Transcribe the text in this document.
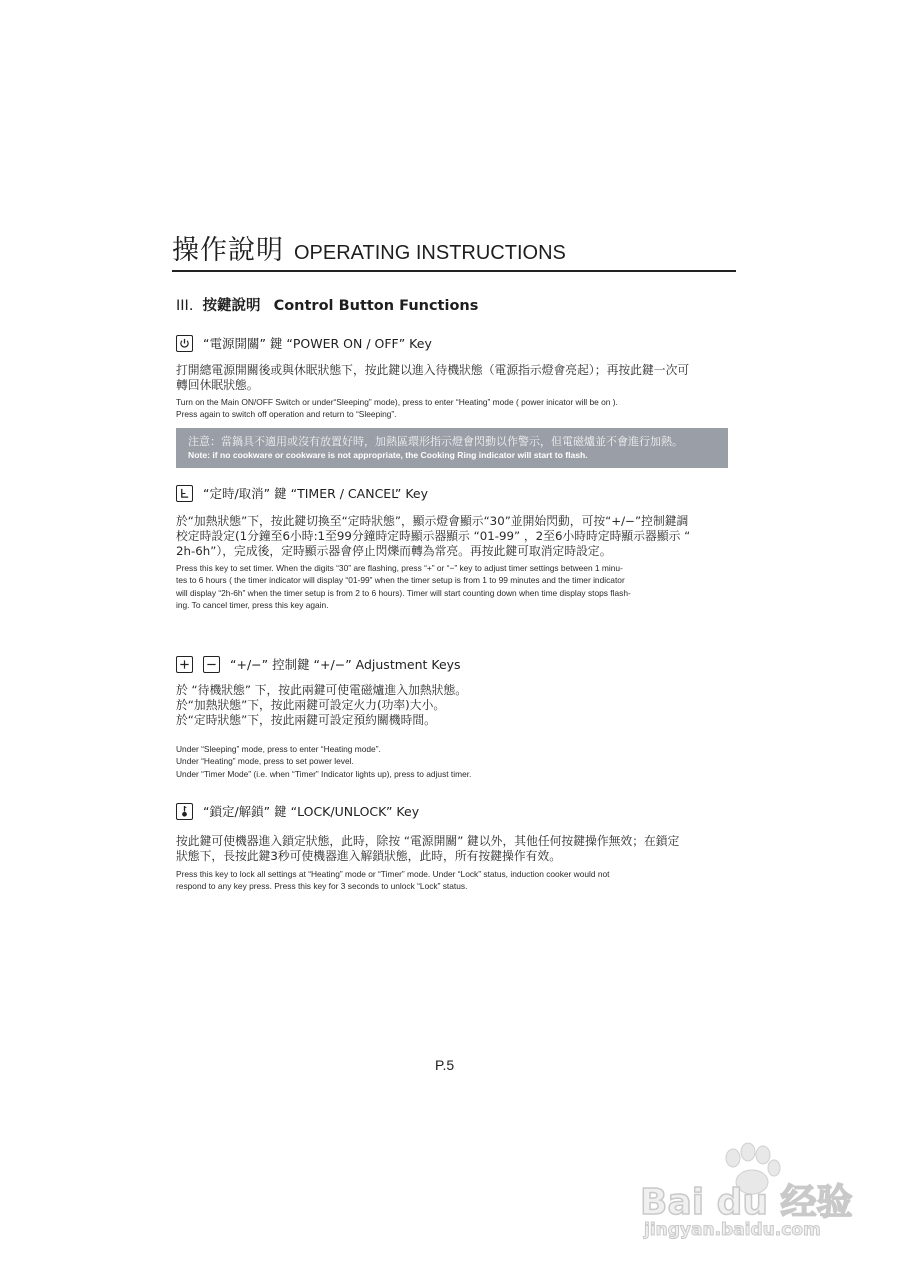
操作說明 OPERATING INSTRUCTIONS
III. 按鍵說明 Control Button Functions
“電源開關” 鍵 “POWER ON / OFF” Key
打開總電源開關後或與休眠狀態下，按此鍵以進入待機狀態（電源指示燈會亮起）；再按此鍵一次可
轉回休眠狀態。
Turn on the Main ON/OFF Switch or under“Sleeping” mode), press to enter “Heating” mode ( power inicator will be on ).
Press again to switch off operation and return to “Sleeping”.
注意：當鍋具不適用或沒有放置好時，加熱區環形指示燈會閃動以作警示，但電磁爐並不會進行加熱。
Note: if no cookware or cookware is not appropriate, the Cooking Ring indicator will start to flash.
“定時/取消” 鍵 “TIMER / CANCEL” Key
於“加熱狀態”下，按此鍵切換至“定時狀態”，顯示燈會顯示“30”並開始閃動，可按“+/−”控制鍵調
校定時設定(1分鐘至6小時:1至99分鐘時定時顯示器顯示 “01-99” ，2至6小時時定時顯示器顯示 “
2h-6h”），完成後，定時顯示器會停止閃爍而轉為常亮。再按此鍵可取消定時設定。
Press this key to set timer. When the digits “30” are flashing, press “+” or “−” key to adjust timer settings between 1 minu-
tes to 6 hours ( the timer indicator will display “01-99” when the timer setup is from 1 to 99 minutes and the timer indicator
will display “2h-6h” when the timer setup is from 2 to 6 hours). Timer will start counting down when time display stops flash-
ing. To cancel timer, press this key again.
“+/−” 控制鍵 “+/−” Adjustment Keys
於 “待機狀態” 下，按此兩鍵可使電磁爐進入加熱狀態。
於“加熱狀態”下，按此兩鍵可設定火力(功率)大小。
於“定時狀態”下，按此兩鍵可設定預約關機時間。
Under “Sleeping” mode, press to enter “Heating mode”.
Under “Heating” mode, press to set power level.
Under “Timer Mode” (i.e. when “Timer” Indicator lights up), press to adjust timer.
“鎖定/解鎖” 鍵 “LOCK/UNLOCK” Key
按此鍵可使機器進入鎖定狀態，此時，除按 “電源開關” 鍵以外，其他任何按鍵操作無效；在鎖定
狀態下，長按此鍵3秒可使機器進入解鎖狀態，此時，所有按鍵操作有效。
Press this key to lock all settings at “Heating” mode or “Timer” mode. Under “Lock” status, induction cooker would not
respond to any key press. Press this key for 3 seconds to unlock “Lock” status.
P.5
Bai du 经验
jingyan.baidu.com
